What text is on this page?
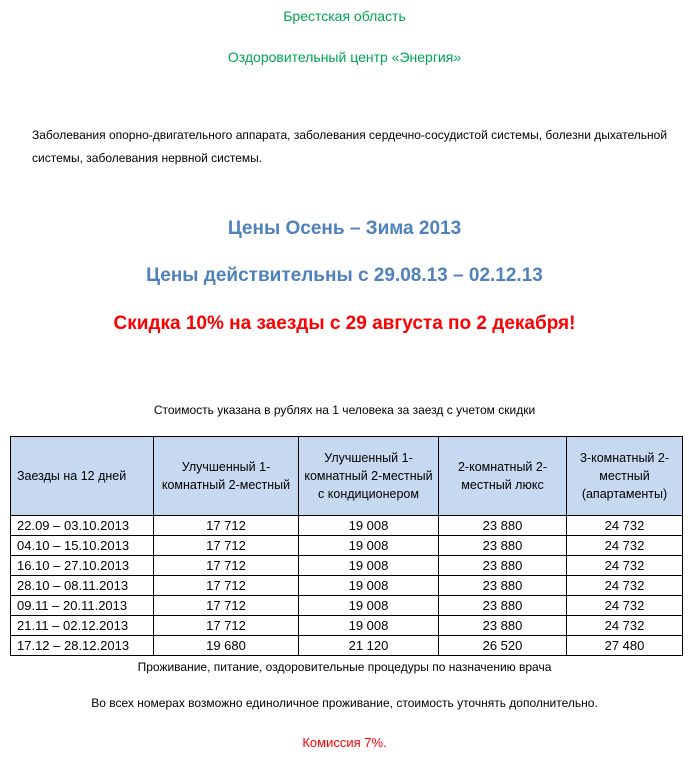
Брестская область
Оздоровительный центр «Энергия»
Заболевания опорно-двигательного аппарата, заболевания сердечно-сосудистой системы, болезни дыхательной системы, заболевания нервной системы.
Цены Осень – Зима 2013
Цены действительны с 29.08.13 – 02.12.13
Скидка 10% на заезды с 29 августа по 2 декабря!
Стоимость указана в рублях на 1 человека за заезд с учетом скидки
Заезды на 12 дней	Улучшенный 1-комнатный 2-местный	Улучшенный 1-комнатный 2-местный с кондиционером	2-комнатный 2-местный люкс	3-комнатный 2-местный (апартаменты)
22.09 – 03.10.2013	17 712	19 008	23 880	24 732
04.10 – 15.10.2013	17 712	19 008	23 880	24 732
16.10 – 27.10.2013	17 712	19 008	23 880	24 732
28.10 – 08.11.2013	17 712	19 008	23 880	24 732
09.11 – 20.11.2013	17 712	19 008	23 880	24 732
21.11 – 02.12.2013	17 712	19 008	23 880	24 732
17.12 – 28.12.2013	19 680	21 120	26 520	27 480
Проживание, питание, оздоровительные процедуры по назначению врача
Во всех номерах возможно единоличное проживание, стоимость уточнять дополнительно.
Комиссия 7%.
